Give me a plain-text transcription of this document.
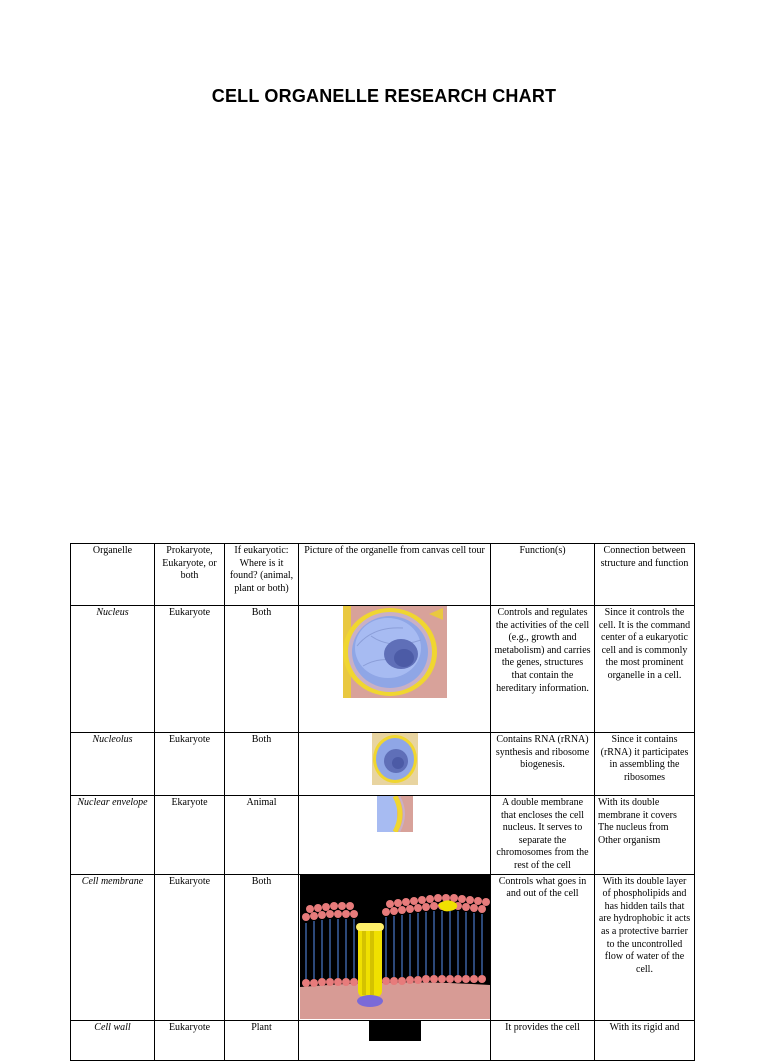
CELL ORGANELLE RESEARCH CHART
Organelle	Prokaryote, Eukaryote, or both	If eukaryotic: Where is it found? (animal, plant or both)	Picture of the organelle from canvas cell tour	Function(s)	Connection between structure and function
Nucleus	Eukaryote	Both		Controls and regulates the activities of the cell (e.g., growth and metabolism) and carries the genes, structures that contain the hereditary information.	Since it controls the cell. It is the command center of a eukaryotic cell and is commonly the most prominent organelle in a cell.
Nucleolus	Eukaryote	Both		Contains RNA (rRNA) synthesis and ribosome biogenesis.	Since it contains (rRNA) it participates in assembling the ribosomes
Nuclear envelope	Ekaryote	Animal		A double membrane that encloses the cell nucleus. It serves to separate the chromosomes from the rest of the cell	With its double membrane it covers The nucleus from Other organism
Cell membrane	Eukaryote	Both		Controls what goes in and out of the cell	With its double layer of phospholipids and has hidden tails that are hydrophobic it acts as a protective barrier to the uncontrolled flow of water of the cell.
Cell wall	Eukaryote	Plant		It provides the cell	With its rigid and
